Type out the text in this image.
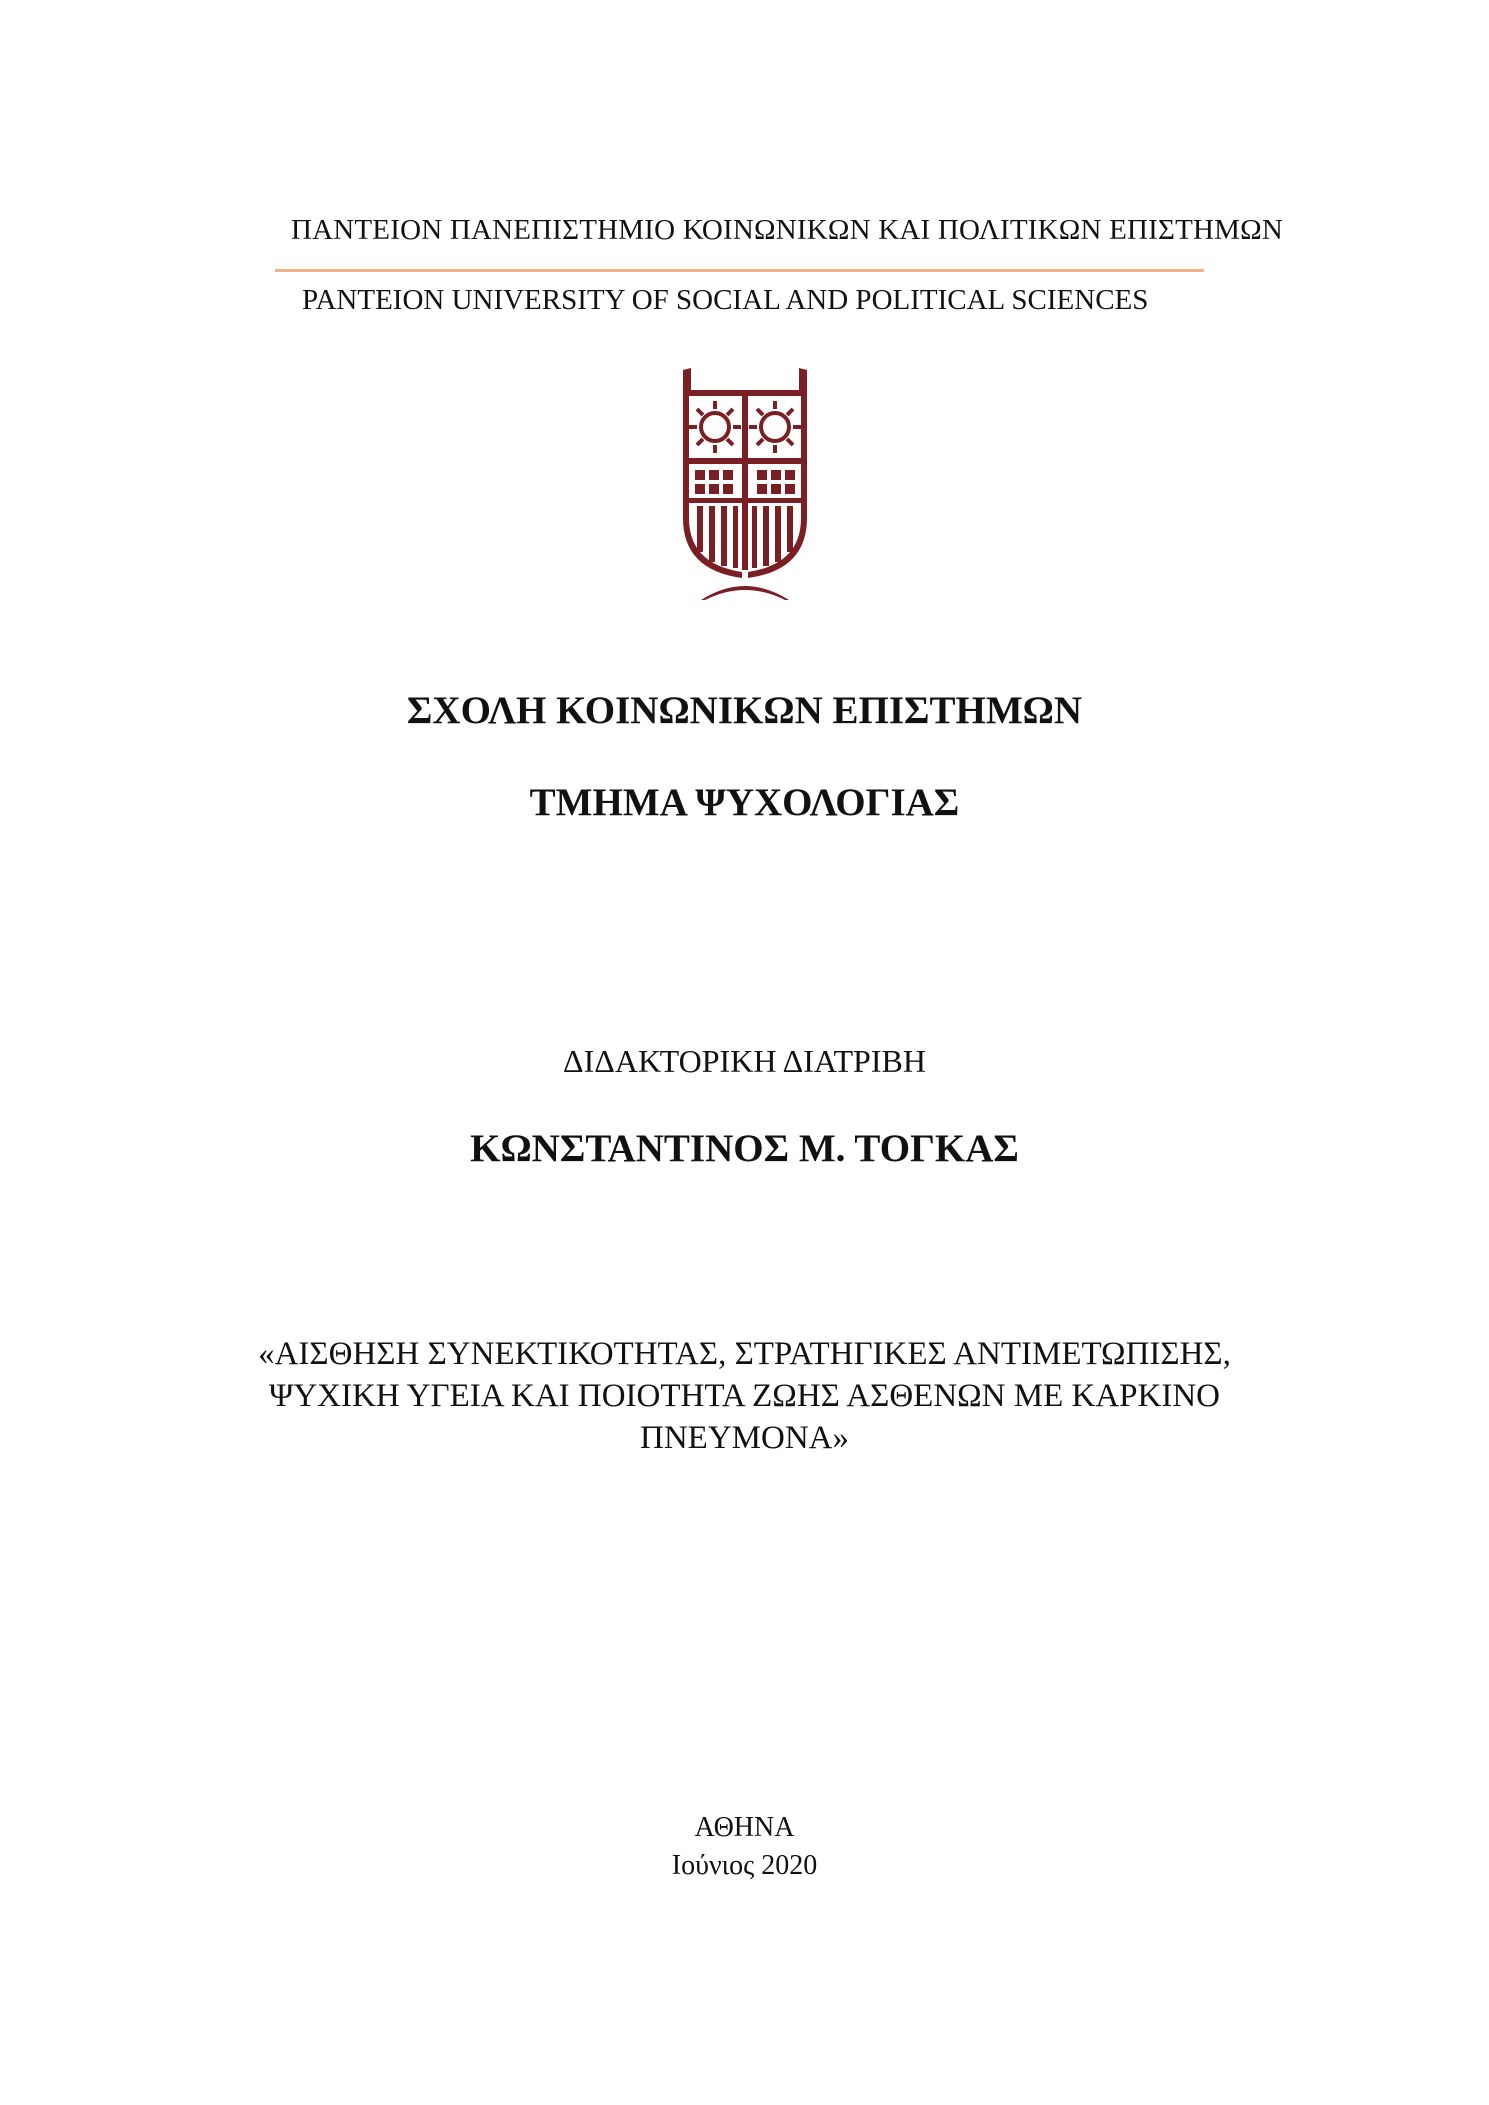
ΠΑΝΤΕΙΟΝ ΠΑΝΕΠΙΣΤΗΜΙΟ ΚΟΙΝΩΝΙΚΩΝ ΚΑΙ ΠΟΛΙΤΙΚΩΝ ΕΠΙΣΤΗΜΩΝ
PANTEION UNIVERSITY OF SOCIAL AND POLITICAL SCIENCES
ΣΧΟΛΗ ΚΟΙΝΩΝΙΚΩΝ ΕΠΙΣΤΗΜΩΝ
ΤΜΗΜΑ ΨΥΧΟΛΟΓΙΑΣ
ΔΙΔΑΚΤΟΡΙΚΗ ΔΙΑΤΡΙΒΗ
ΚΩΝΣΤΑΝΤΙΝΟΣ Μ. ΤΟΓΚΑΣ
«ΑΙΣΘΗΣΗ ΣΥΝΕΚΤΙΚΟΤΗΤΑΣ, ΣΤΡΑΤΗΓΙΚΕΣ ΑΝΤΙΜΕΤΩΠΙΣΗΣ,
ΨΥΧΙΚΗ ΥΓΕΙΑ ΚΑΙ ΠΟΙΟΤΗΤΑ ΖΩΗΣ ΑΣΘΕΝΩΝ ΜΕ ΚΑΡΚΙΝΟ
ΠΝΕΥΜΟΝΑ»
ΑΘΗΝΑ
Ιούνιος 2020
